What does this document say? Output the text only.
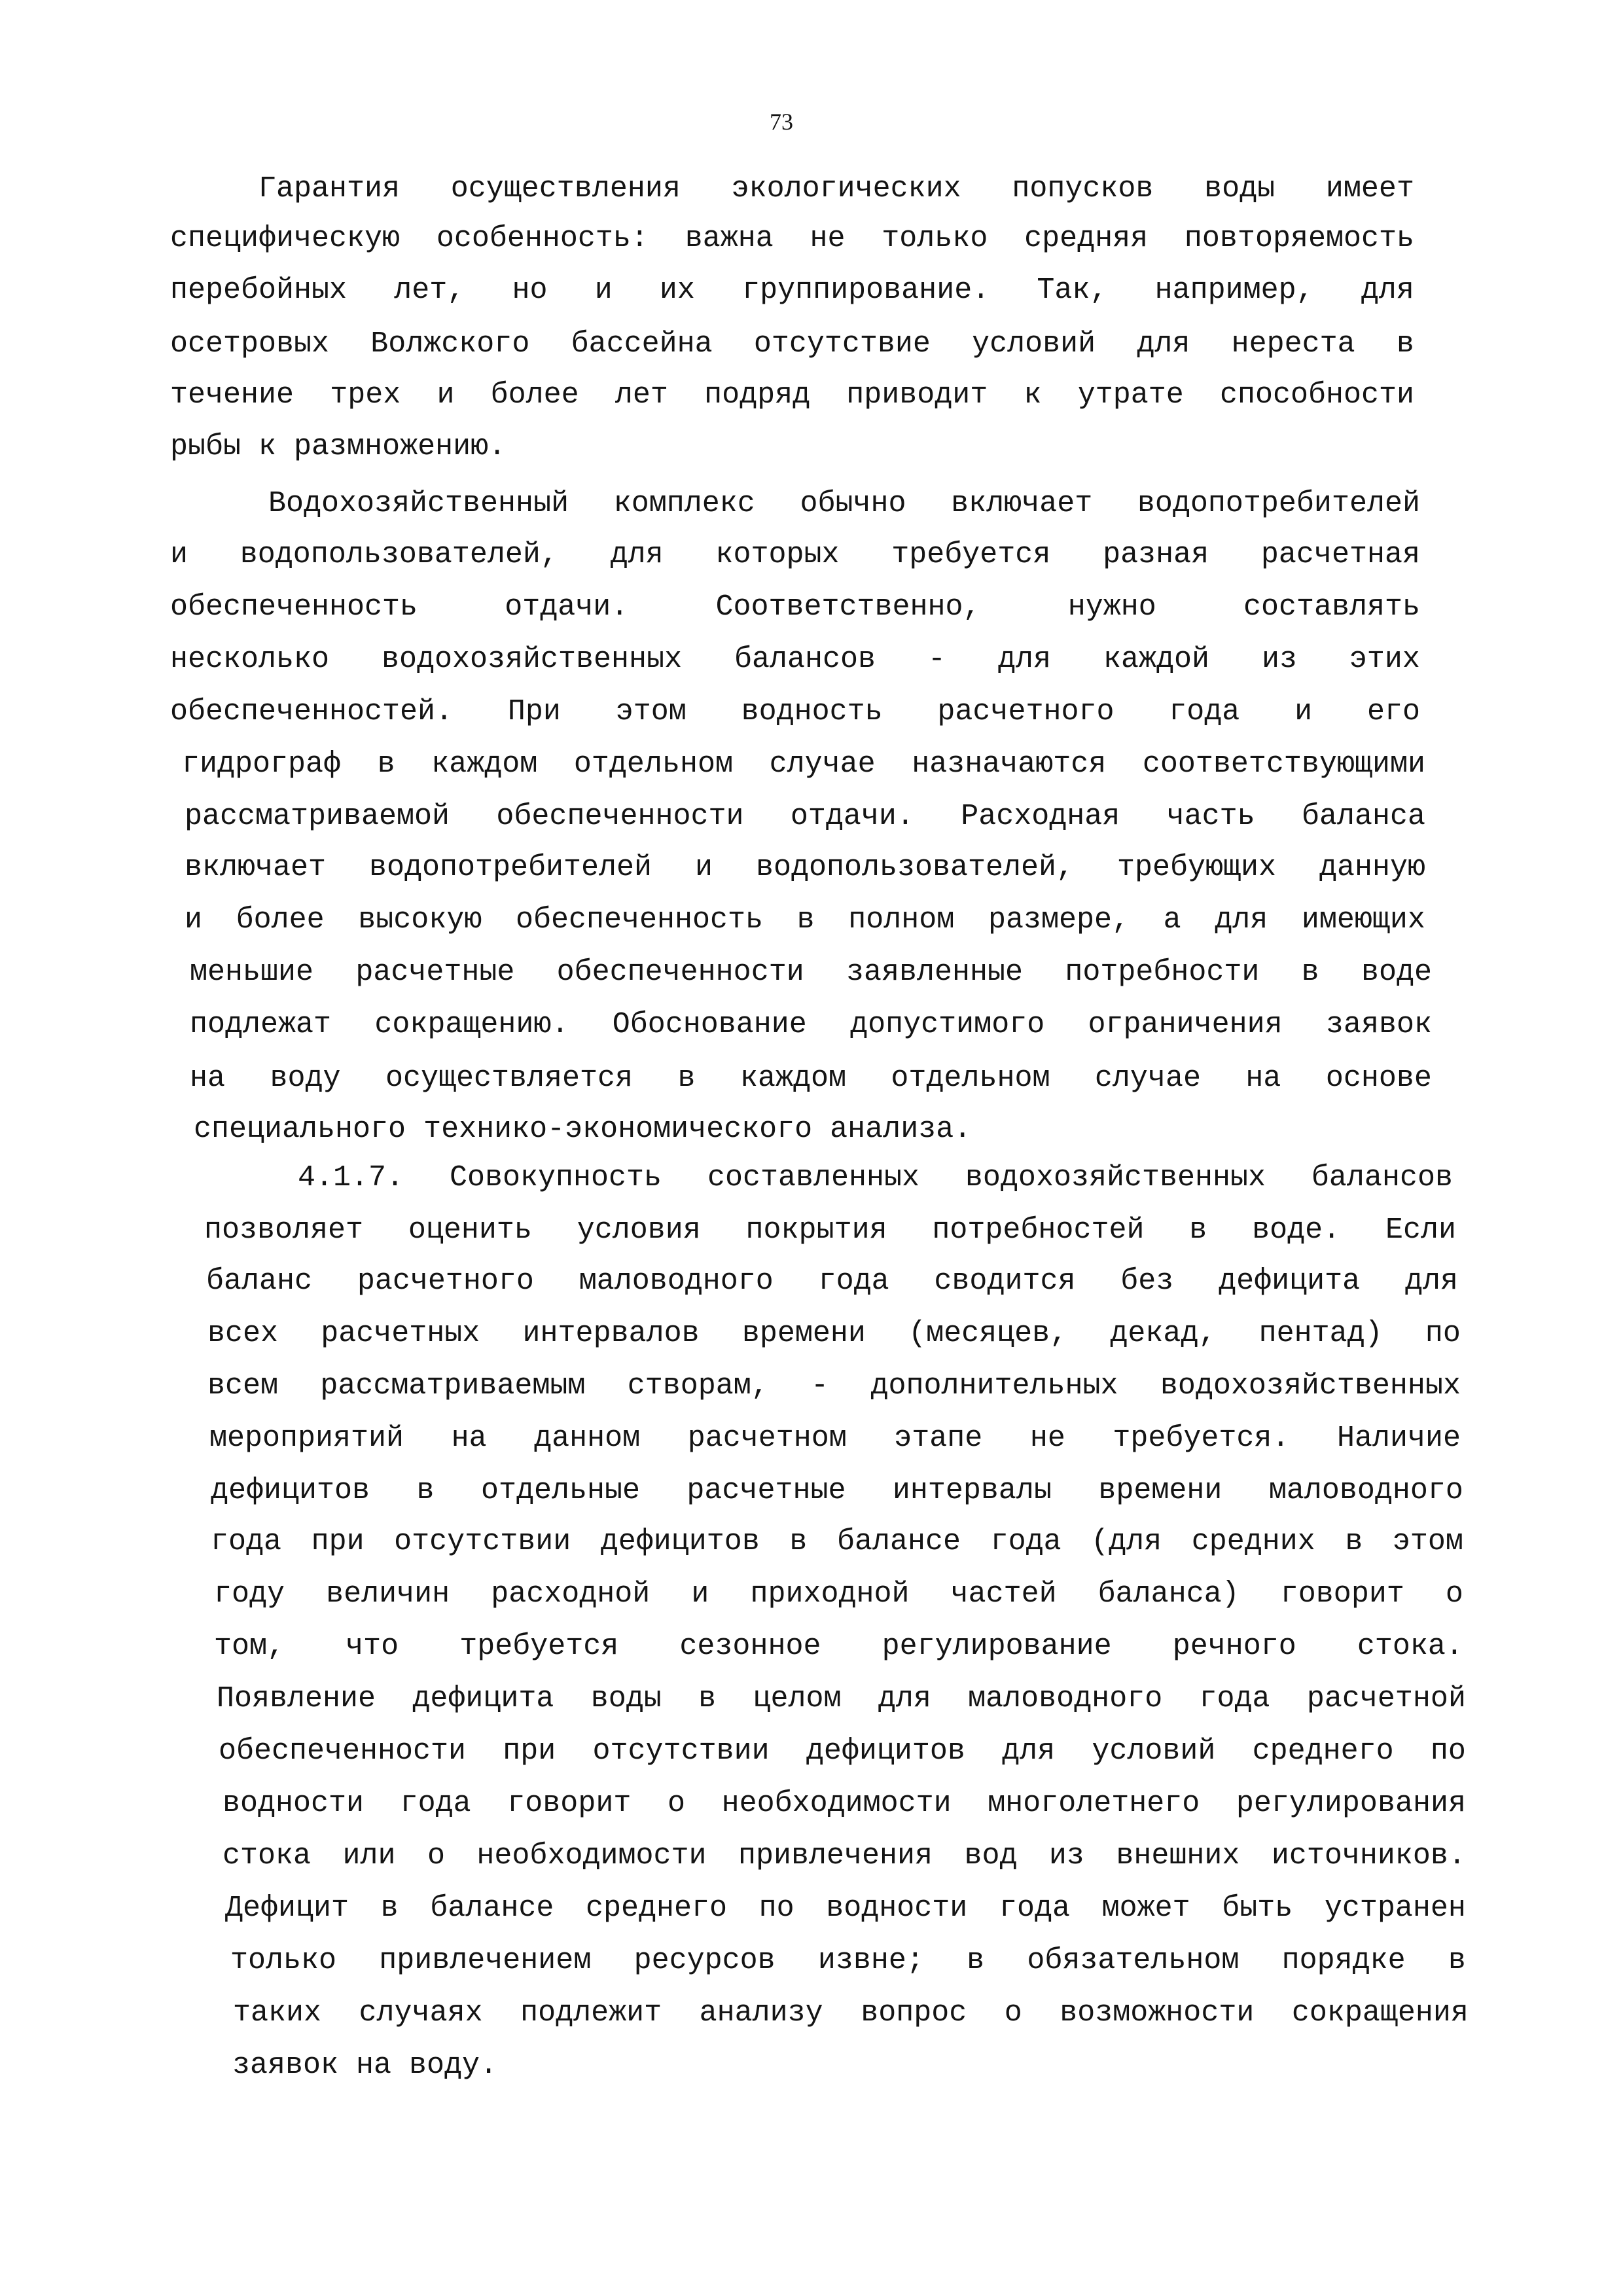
73
Гарантия осуществления экологических попусков воды имеет
специфическую особенность: важна не только средняя повторяемость
перебойных лет, но и их группирование. Так, например, для
осетровых Волжского бассейна отсутствие условий для нереста в
течение трех и более лет подряд приводит к утрате способности
рыбы к размножению.
Водохозяйственный комплекс обычно включает водопотребителей
и водопользователей, для которых требуется разная расчетная
обеспеченность	отдачи.	Соответственно,	нужно	составлять
несколько водохозяйственных балансов - для каждой из этих
обеспеченностей. При этом водность расчетного года и его
гидрограф в каждом отдельном случае назначаются соответствующими
рассматриваемой обеспеченности отдачи. Расходная часть баланса
включает водопотребителей и водопользователей, требующих данную
и более высокую обеспеченность в полном размере, а для имеющих
меньшие расчетные обеспеченности заявленные потребности в воде
подлежат сокращению. Обоснование допустимого ограничения заявок
на воду осуществляется в каждом отдельном случае на основе
специального технико-экономического анализа.
4.1.7. Совокупность составленных водохозяйственных балансов
позволяет оценить условия покрытия потребностей в воде. Если
баланс расчетного маловодного года сводится без дефицита для
всех расчетных интервалов времени (месяцев, декад, пентад) по
всем рассматриваемым створам, - дополнительных водохозяйственных
мероприятий на данном расчетном этапе не требуется. Наличие
дефицитов в отдельные расчетные интервалы времени маловодного
года при отсутствии дефицитов в балансе года (для средних в этом
году величин расходной и приходной частей баланса) говорит о
том, что требуется сезонное регулирование речного стока.
Появление дефицита воды в целом для маловодного года расчетной
обеспеченности при отсутствии дефицитов для условий среднего по
водности года говорит о необходимости многолетнего регулирования
стока или о необходимости привлечения вод из внешних источников.
Дефицит в балансе среднего по водности года может быть устранен
только привлечением ресурсов извне; в обязательном порядке в
таких случаях подлежит анализу вопрос о возможности сокращения
заявок на воду.
